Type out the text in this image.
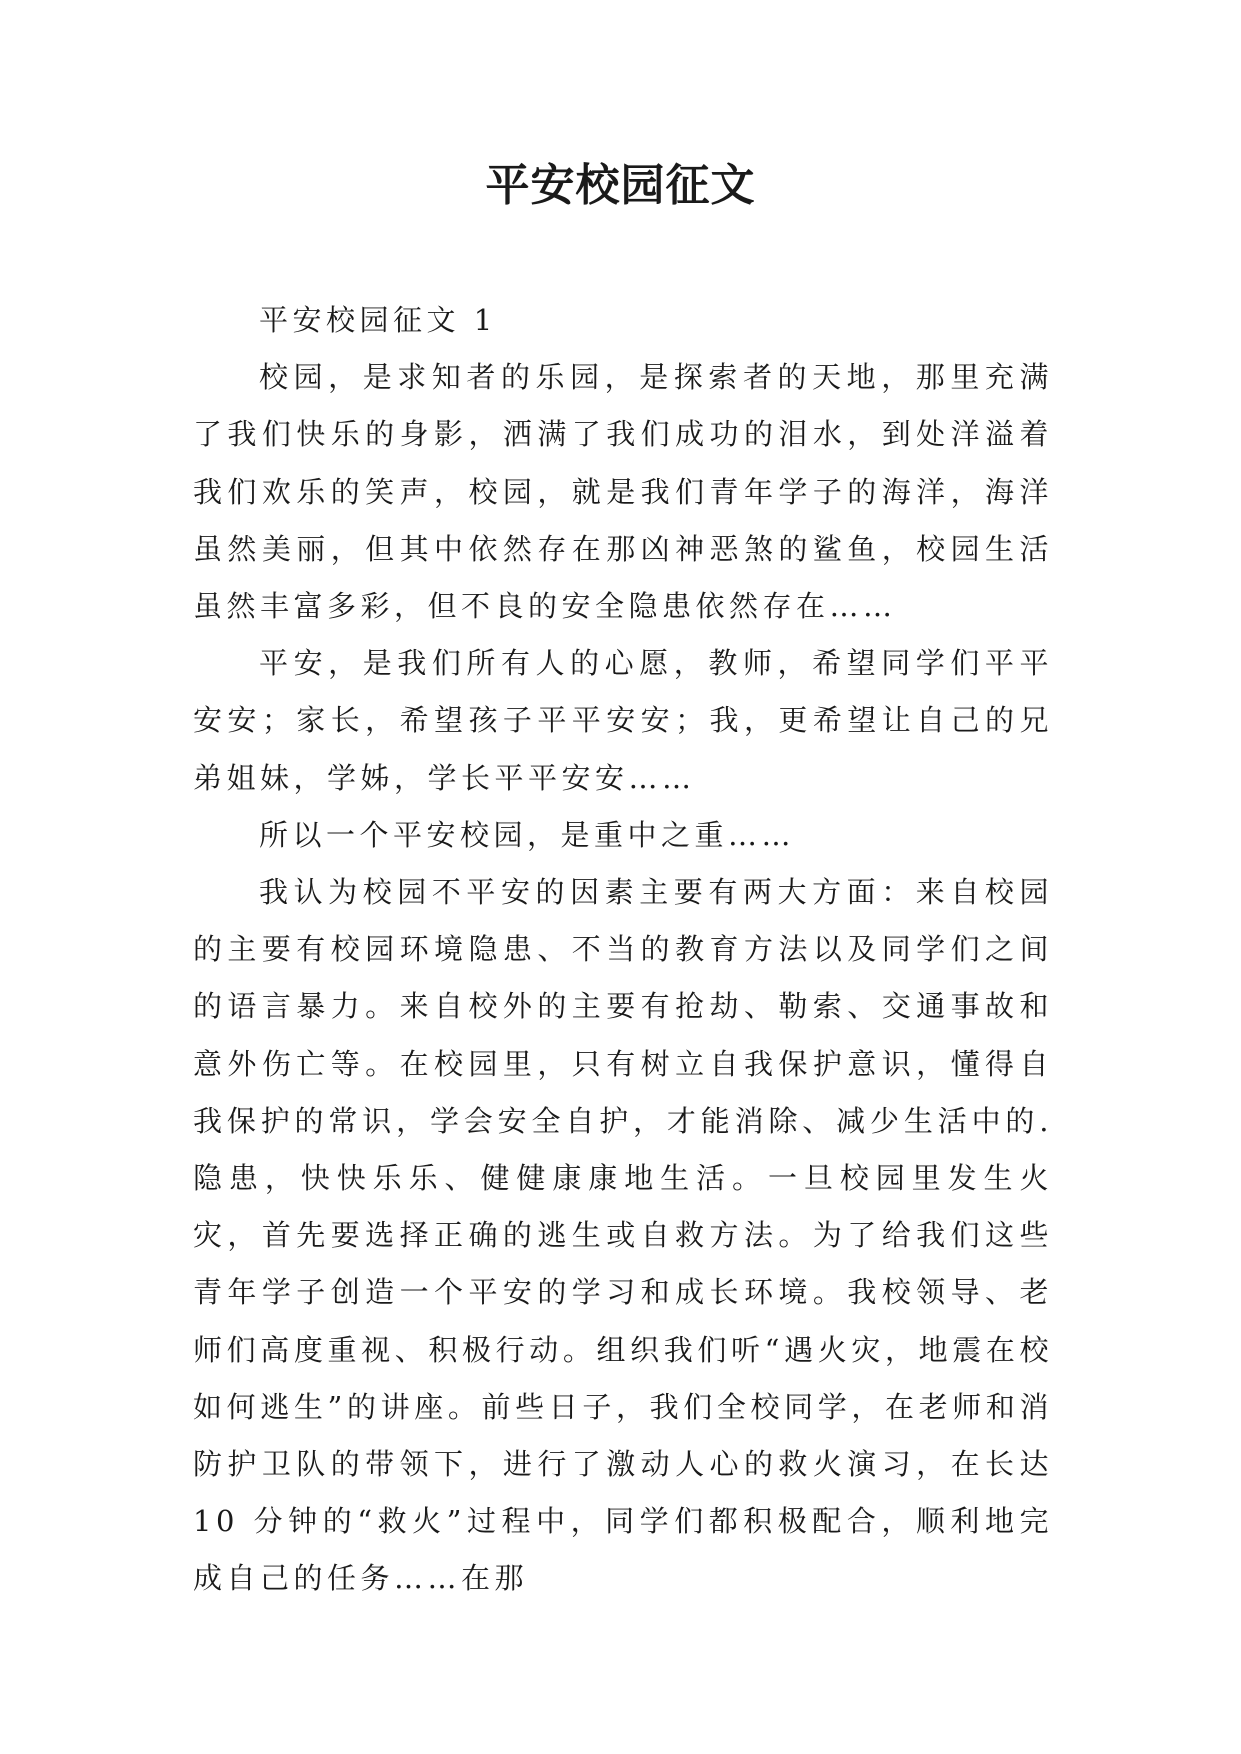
平安校园征文

平安校园征文 1

校园，是求知者的乐园，是探索者的天地，那里充满了我们快乐的身影，洒满了我们成功的泪水，到处洋溢着我们欢乐的笑声，校园，就是我们青年学子的海洋，海洋虽然美丽，但其中依然存在那凶神恶煞的鲨鱼，校园生活虽然丰富多彩，但不良的安全隐患依然存在……

平安，是我们所有人的心愿，教师，希望同学们平平安安；家长，希望孩子平平安安；我，更希望让自己的兄弟姐妹，学姊，学长平平安安……

所以一个平安校园，是重中之重……

我认为校园不平安的因素主要有两大方面：来自校园的主要有校园环境隐患、不当的教育方法以及同学们之间的语言暴力。来自校外的主要有抢劫、勒索、交通事故和意外伤亡等。在校园里，只有树立自我保护意识，懂得自我保护的常识，学会安全自护，才能消除、减少生活中的.隐患，快快乐乐、健健康康地生活。一旦校园里发生火灾，首先要选择正确的逃生或自救方法。为了给我们这些青年学子创造一个平安的学习和成长环境。我校领导、老师们高度重视、积极行动。组织我们听“遇火灾，地震在校如何逃生”的讲座。前些日子，我们全校同学，在老师和消防护卫队的带领下，进行了激动人心的救火演习，在长达 10 分钟的“救火”过程中，同学们都积极配合，顺利地完成自己的任务……在那
